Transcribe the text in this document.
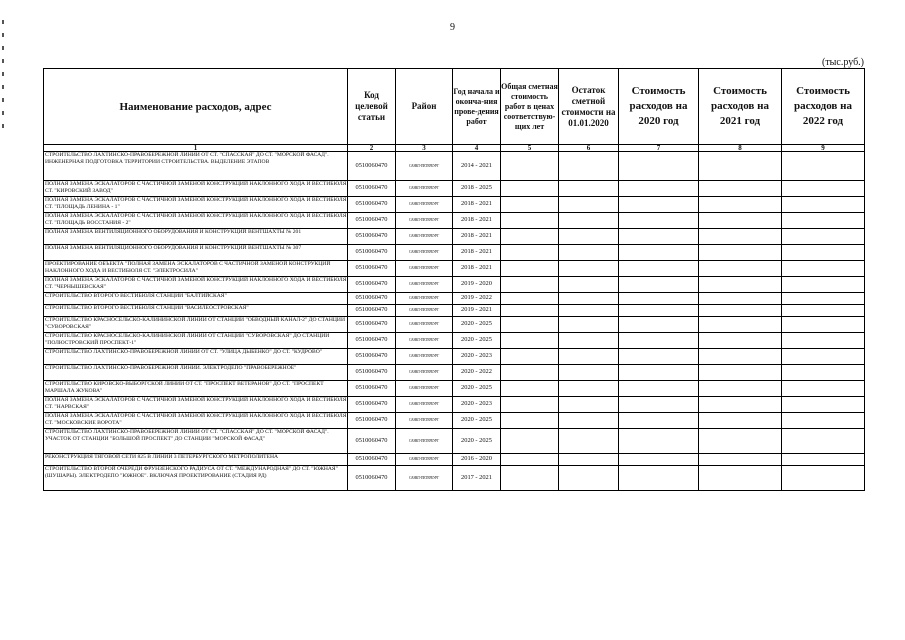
9
(тыс.руб.)
Наименование расходов, адрес	Код целевой статьи	Район	Год начала и оконча-ния прове-дения работ	Общая сметная стоимость работ в ценах соответствую-щих лет	Остаток сметной стоимости на 01.01.2020	Стоимость расходов на 2020 год	Стоимость расходов на 2021 год	Стоимость расходов на 2022 год
1	2	3	4	5	6	7	8	9
СТРОИТЕЛЬСТВО ЛАХТИНСКО-ПРАВОБЕРЕЖНОЙ ЛИНИИ ОТ СТ. "СПАССКАЯ" ДО СТ. "МОРСКОЙ ФАСАД". ИНЖЕНЕРНАЯ ПОДГОТОВКА ТЕРРИТОРИИ СТРОИТЕЛЬСТВА. ВЫДЕЛЕНИЕ ЭТАПОВ	0510060470	САНКТ-ПЕТЕРБУРГ	2014 - 2021					
ПОЛНАЯ ЗАМЕНА ЭСКАЛАТОРОВ С ЧАСТИЧНОЙ ЗАМЕНОЙ КОНСТРУКЦИЙ НАКЛОННОГО ХОДА И ВЕСТИБЮЛЯ СТ. "КИРОВСКИЙ ЗАВОД"	0510060470	САНКТ-ПЕТЕРБУРГ	2018 - 2025					
ПОЛНАЯ ЗАМЕНА ЭСКАЛАТОРОВ С ЧАСТИЧНОЙ ЗАМЕНОЙ КОНСТРУКЦИЙ НАКЛОННОГО ХОДА И ВЕСТИБЮЛЯ СТ. "ПЛОЩАДЬ ЛЕНИНА - 1"	0510060470	САНКТ-ПЕТЕРБУРГ	2018 - 2021					
ПОЛНАЯ ЗАМЕНА ЭСКАЛАТОРОВ С ЧАСТИЧНОЙ ЗАМЕНОЙ КОНСТРУКЦИЙ НАКЛОННОГО ХОДА И ВЕСТИБЮЛЯ СТ. "ПЛОЩАДЬ ВОССТАНИЯ - 2"	0510060470	САНКТ-ПЕТЕРБУРГ	2018 - 2021					
ПОЛНАЯ ЗАМЕНА ВЕНТИЛЯЦИОННОГО ОБОРУДОВАНИЯ И КОНСТРУКЦИЙ ВЕНТШАХТЫ № 201	0510060470	САНКТ-ПЕТЕРБУРГ	2018 - 2021					
ПОЛНАЯ ЗАМЕНА ВЕНТИЛЯЦИОННОГО ОБОРУДОВАНИЯ И КОНСТРУКЦИЙ ВЕНТШАХТЫ № 307	0510060470	САНКТ-ПЕТЕРБУРГ	2018 - 2021					
ПРОЕКТИРОВАНИЕ ОБЪЕКТА "ПОЛНАЯ ЗАМЕНА ЭСКАЛАТОРОВ С ЧАСТИЧНОЙ ЗАМЕНОЙ КОНСТРУКЦИЙ НАКЛОННОГО ХОДА И ВЕСТИБЮЛЯ СТ. "ЭЛЕКТРОСИЛА"	0510060470	САНКТ-ПЕТЕРБУРГ	2018 - 2021					
ПОЛНАЯ ЗАМЕНА ЭСКАЛАТОРОВ С ЧАСТИЧНОЙ ЗАМЕНОЙ КОНСТРУКЦИЙ НАКЛОННОГО ХОДА И ВЕСТИБЮЛЯ СТ. "ЧЕРНЫШЕВСКАЯ"	0510060470	САНКТ-ПЕТЕРБУРГ	2019 - 2020					
СТРОИТЕЛЬСТВО ВТОРОГО ВЕСТИБЮЛЯ СТАНЦИИ "БАЛТИЙСКАЯ"	0510060470	САНКТ-ПЕТЕРБУРГ	2019 - 2022					
СТРОИТЕЛЬСТВО ВТОРОГО ВЕСТИБЮЛЯ СТАНЦИИ "ВАСИЛЕОСТРОВСКАЯ"	0510060470	САНКТ-ПЕТЕРБУРГ	2019 - 2021					
СТРОИТЕЛЬСТВО КРАСНОСЕЛЬСКО-КАЛИНИНСКОЙ ЛИНИИ ОТ СТАНЦИИ "ОБВОДНЫЙ КАНАЛ-2" ДО СТАНЦИИ "СУВОРОВСКАЯ"	0510060470	САНКТ-ПЕТЕРБУРГ	2020 - 2025					
СТРОИТЕЛЬСТВО КРАСНОСЕЛЬСКО-КАЛИНИНСКОЙ ЛИНИИ ОТ СТАНЦИИ "СУВОРОВСКАЯ" ДО СТАНЦИИ "ПОЛЮСТРОВСКИЙ ПРОСПЕКТ-1"	0510060470	САНКТ-ПЕТЕРБУРГ	2020 - 2025					
СТРОИТЕЛЬСТВО ЛАХТИНСКО-ПРАВОБЕРЕЖНОЙ ЛИНИИ ОТ СТ. "УЛИЦА ДЫБЕНКО" ДО СТ. "КУДРОВО"	0510060470	САНКТ-ПЕТЕРБУРГ	2020 - 2023					
СТРОИТЕЛЬСТВО ЛАХТИНСКО-ПРАВОБЕРЕЖНОЙ ЛИНИИ. ЭЛЕКТРОДЕПО "ПРАВОБЕРЕЖНОЕ"	0510060470	САНКТ-ПЕТЕРБУРГ	2020 - 2022					
СТРОИТЕЛЬСТВО КИРОВСКО-ВЫБОРГСКОЙ ЛИНИИ ОТ СТ. "ПРОСПЕКТ ВЕТЕРАНОВ" ДО СТ. "ПРОСПЕКТ МАРШАЛА ЖУКОВА"	0510060470	САНКТ-ПЕТЕРБУРГ	2020 - 2025					
ПОЛНАЯ ЗАМЕНА ЭСКАЛАТОРОВ С ЧАСТИЧНОЙ ЗАМЕНОЙ КОНСТРУКЦИЙ НАКЛОННОГО ХОДА И ВЕСТИБЮЛЯ СТ. "НАРВСКАЯ"	0510060470	САНКТ-ПЕТЕРБУРГ	2020 - 2023					
ПОЛНАЯ ЗАМЕНА ЭСКАЛАТОРОВ С ЧАСТИЧНОЙ ЗАМЕНОЙ КОНСТРУКЦИЙ НАКЛОННОГО ХОДА И ВЕСТИБЮЛЯ СТ. "МОСКОВСКИЕ ВОРОТА"	0510060470	САНКТ-ПЕТЕРБУРГ	2020 - 2025					
СТРОИТЕЛЬСТВО ЛАХТИНСКО-ПРАВОБЕРЕЖНОЙ ЛИНИИ ОТ СТ. "СПАССКАЯ" ДО СТ. "МОРСКОЙ ФАСАД". УЧАСТОК ОТ СТАНЦИИ "БОЛЬШОЙ ПРОСПЕКТ" ДО СТАНЦИИ "МОРСКОЙ ФАСАД"	0510060470	САНКТ-ПЕТЕРБУРГ	2020 - 2025					
РЕКОНСТРУКЦИЯ ТЯГОВОЙ СЕТИ 825 В ЛИНИИ 3 ПЕТЕРБУРГСКОГО МЕТРОПОЛИТЕНА	0510060470	САНКТ-ПЕТЕРБУРГ	2016 - 2020					
СТРОИТЕЛЬСТВО ВТОРОЙ ОЧЕРЕДИ ФРУНЗЕНСКОГО РАДИУСА ОТ СТ. "МЕЖДУНАРОДНАЯ" ДО СТ. "ЮЖНАЯ" (ШУШАРЫ). ЭЛЕКТРОДЕПО "ЮЖНОЕ". ВКЛЮЧАЯ ПРОЕКТИРОВАНИЕ (СТАДИЯ РД)	0510060470	САНКТ-ПЕТЕРБУРГ	2017 - 2021					
